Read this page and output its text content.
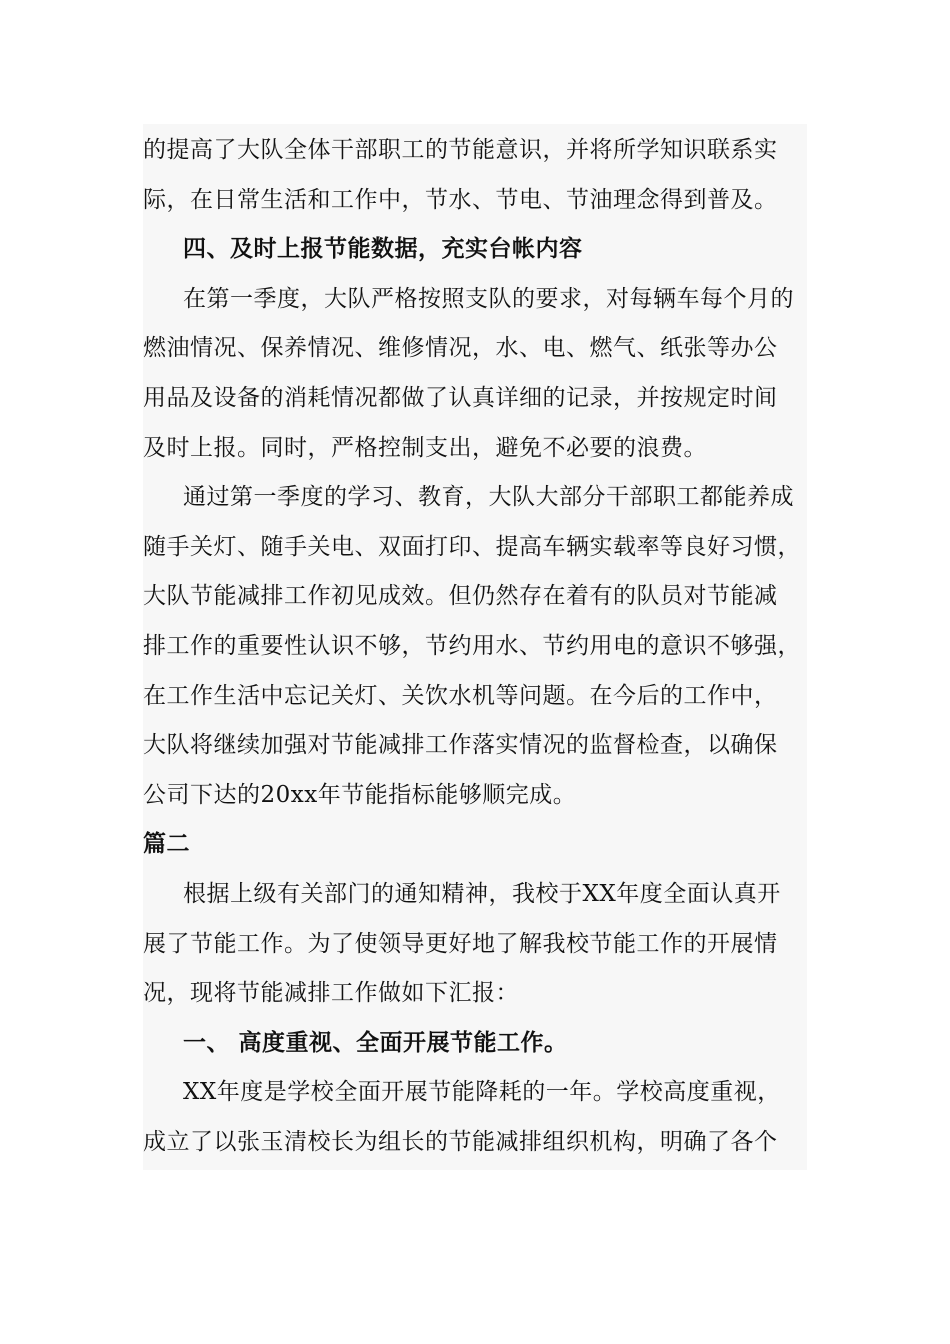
的提高了大队全体干部职工的节能意识，并将所学知识联系实
际，在日常生活和工作中，节水、节电、节油理念得到普及。
四、及时上报节能数据，充实台帐内容
在第一季度，大队严格按照支队的要求，对每辆车每个月的
燃油情况、保养情况、维修情况，水、电、燃气、纸张等办公
用品及设备的消耗情况都做了认真详细的记录，并按规定时间
及时上报。同时，严格控制支出，避免不必要的浪费。
通过第一季度的学习、教育，大队大部分干部职工都能养成
随手关灯、随手关电、双面打印、提高车辆实载率等良好习惯，
大队节能减排工作初见成效。但仍然存在着有的队员对节能减
排工作的重要性认识不够，节约用水、节约用电的意识不够强，
在工作生活中忘记关灯、关饮水机等问题。在今后的工作中，
大队将继续加强对节能减排工作落实情况的监督检查，以确保
公司下达的20xx年节能指标能够顺完成。
篇二
根据上级有关部门的通知精神，我校于XX年度全面认真开
展了节能工作。为了使领导更好地了解我校节能工作的开展情
况，现将节能减排工作做如下汇报：
一、 高度重视、全面开展节能工作。
XX年度是学校全面开展节能降耗的一年。学校高度重视，
成立了以张玉清校长为组长的节能减排组织机构，明确了各个
